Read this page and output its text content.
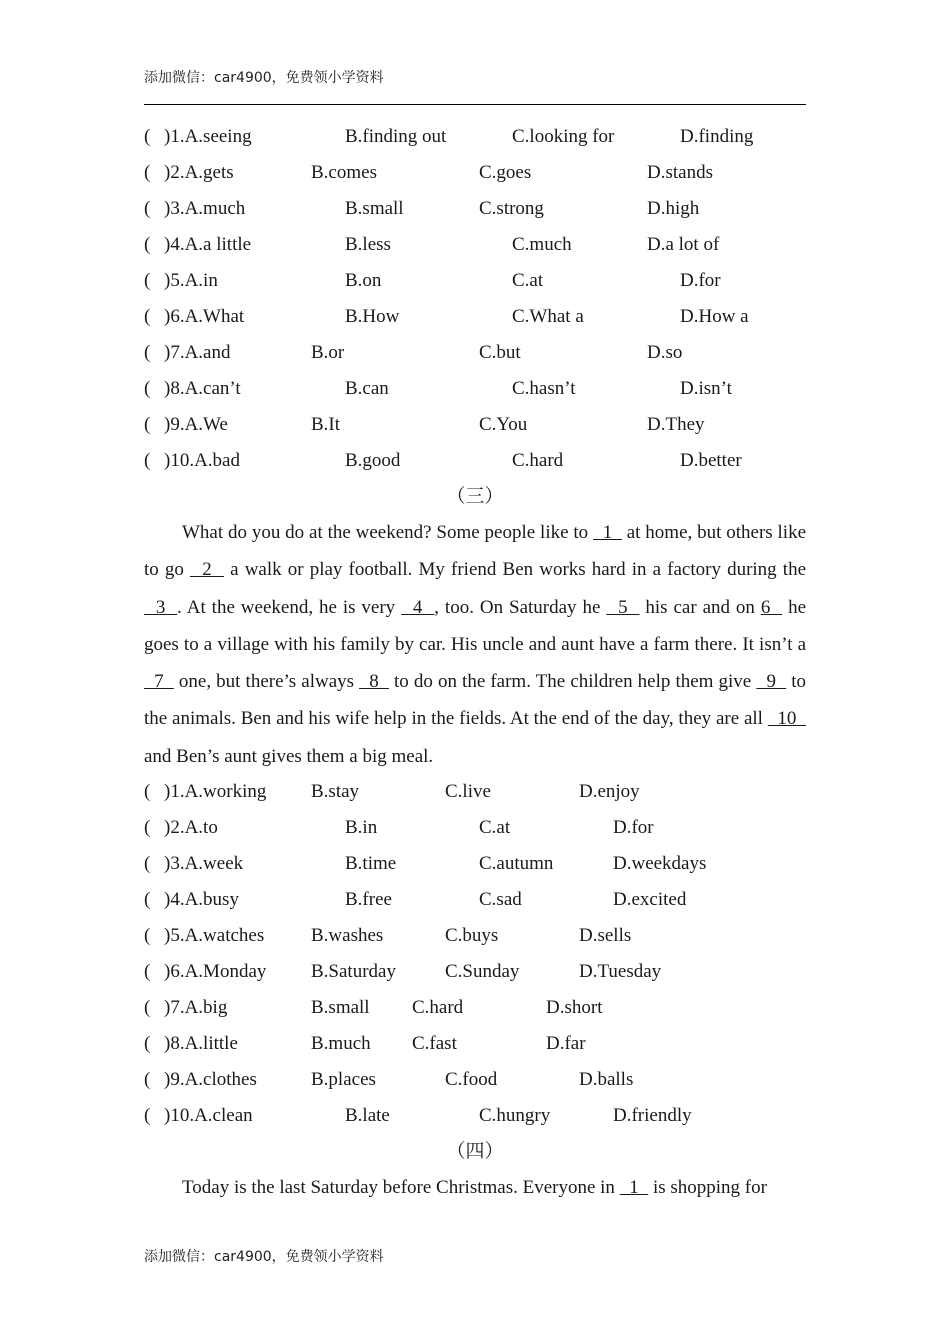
添加微信：car4900，免费领小学资料
( )1.A.seeing	B.finding out	C.looking for	D.finding
( )2.A.gets	B.comes	C.goes	D.stands
( )3.A.much	B.small	C.strong	D.high
( )4.A.a little	B.less	C.much	D.a lot of
( )5.A.in	B.on	C.at	D.for
( )6.A.What	B.How	C.What a	D.How a
( )7.A.and	B.or	C.but	D.so
( )8.A.can’t	B.can	C.hasn’t	D.isn’t
( )9.A.We	B.It	C.You	D.They
( )10.A.bad	B.good	C.hard	D.better
（三）

What do you do at the weekend? Some people like to   1   at home, but others like to go   2   a walk or play football. My friend Ben works hard in a factory during the   3  . At the weekend, he is very   4  , too. On Saturday he   5   his car and on 6   he goes to a village with his family by car. His uncle and aunt have a farm there. It isn’t a   7   one, but there’s always   8   to do on the farm. The children help them give   9   to the animals. Ben and his wife help in the fields. At the end of the day, they are all   10   and Ben’s aunt gives them a big meal.

( )1.A.working B.stay	C.live	D.enjoy
( )2.A.to	B.in	C.at	D.for
( )3.A.week	B.time	C.autumn	D.weekdays
( )4.A.busy	B.free	C.sad	D.excited
( )5.A.watches B.washes	C.buys	D.sells
( )6.A.Monday B.Saturday	C.Sunday	D.Tuesday
( )7.A.big	B.small C.hard	D.short
( )8.A.little	B.much C.fast	D.far
( )9.A.clothes	B.places	C.food	D.balls
( )10.A.clean	B.late	C.hungry	D.friendly
（四）

Today is the last Saturday before Christmas. Everyone in   1   is shopping for

添加微信：car4900，免费领小学资料
